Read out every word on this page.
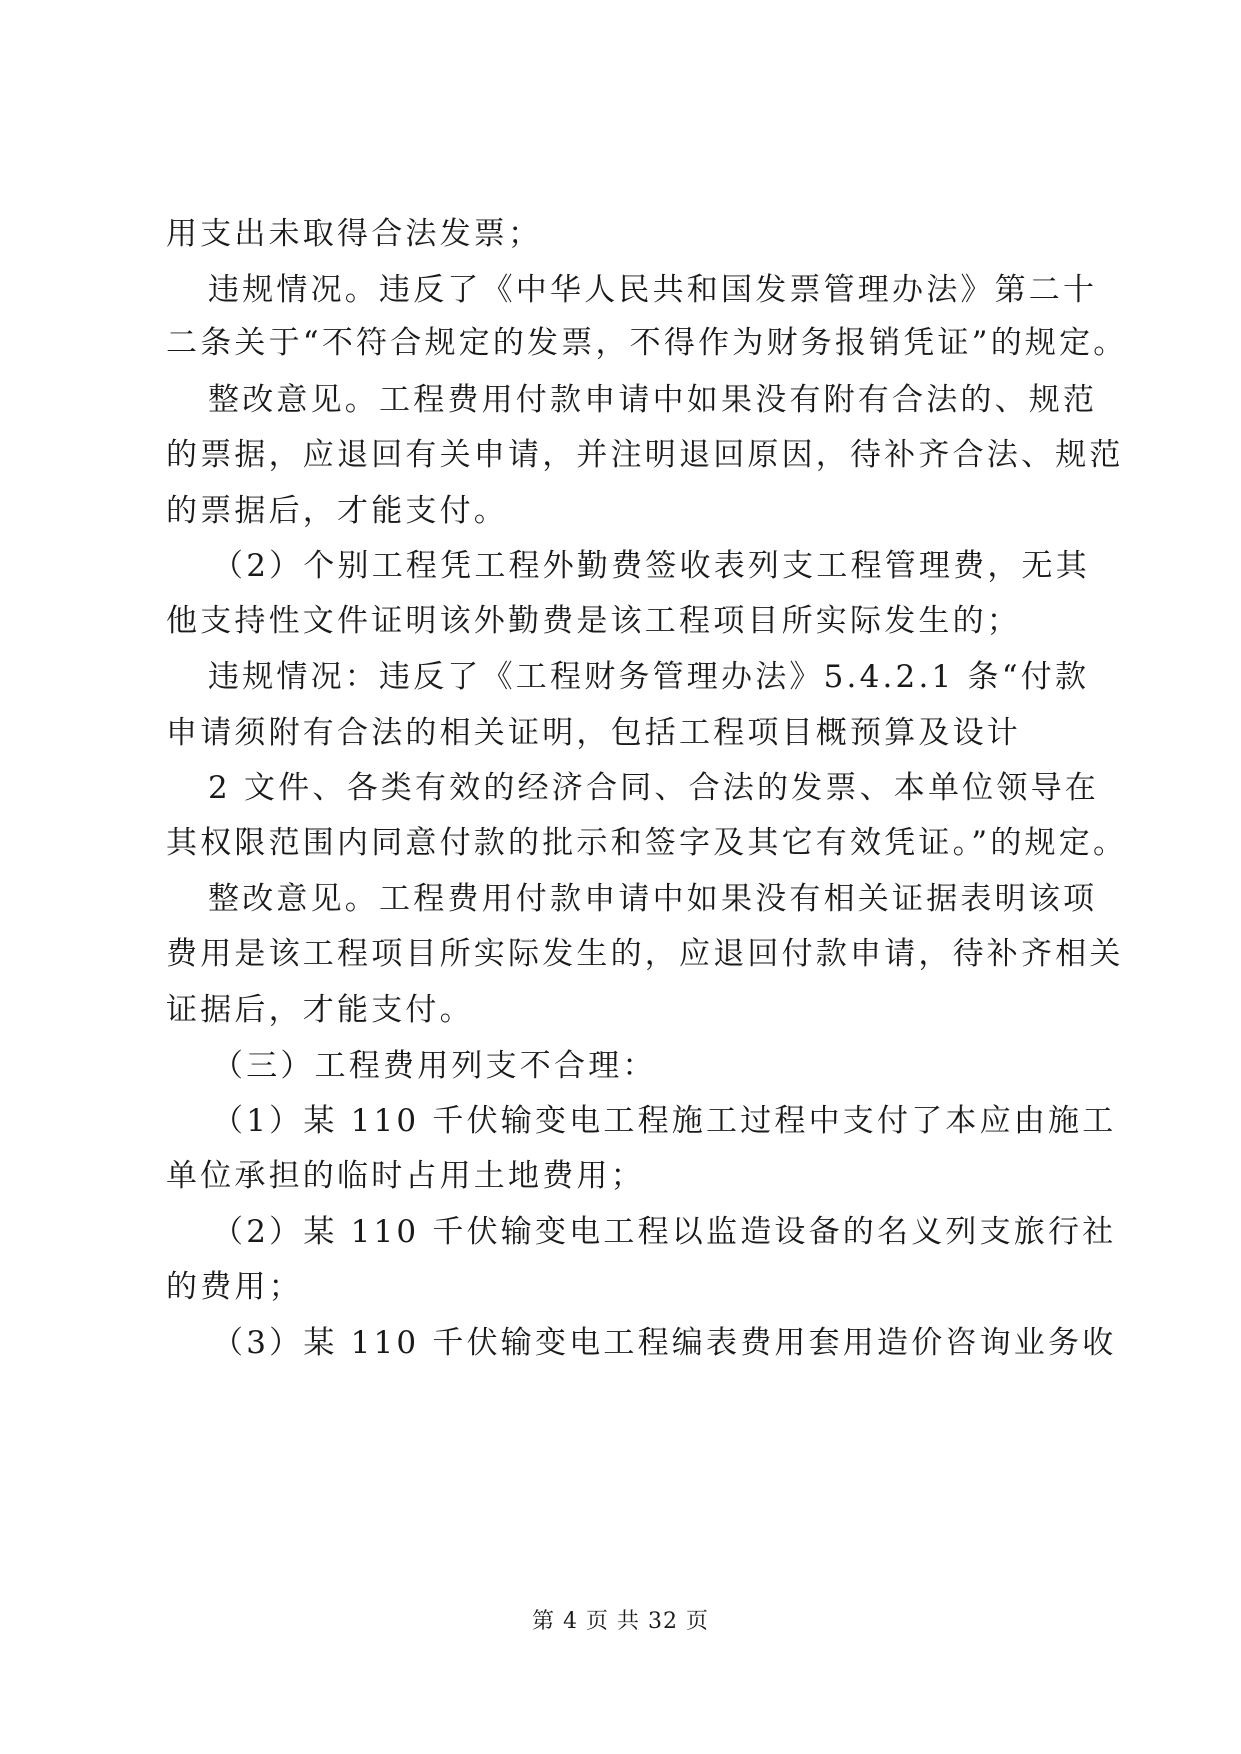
用支出未取得合法发票；
违规情况。违反了《中华人民共和国发票管理办法》第二十
二条关于“不符合规定的发票，不得作为财务报销凭证”的规定。
整改意见。工程费用付款申请中如果没有附有合法的、规范
的票据，应退回有关申请，并注明退回原因，待补齐合法、规范
的票据后，才能支付。
（2）个别工程凭工程外勤费签收表列支工程管理费，无其
他支持性文件证明该外勤费是该工程项目所实际发生的；
违规情况：违反了《工程财务管理办法》5.4.2.1 条“付款
申请须附有合法的相关证明，包括工程项目概预算及设计
2 文件、各类有效的经济合同、合法的发票、本单位领导在
其权限范围内同意付款的批示和签字及其它有效凭证。”的规定。
整改意见。工程费用付款申请中如果没有相关证据表明该项
费用是该工程项目所实际发生的，应退回付款申请，待补齐相关
证据后，才能支付。
（三）工程费用列支不合理：
（1）某 110 千伏输变电工程施工过程中支付了本应由施工
单位承担的临时占用土地费用；
（2）某 110 千伏输变电工程以监造设备的名义列支旅行社
的费用；
（3）某 110 千伏输变电工程编表费用套用造价咨询业务收
第 4 页 共 32 页
